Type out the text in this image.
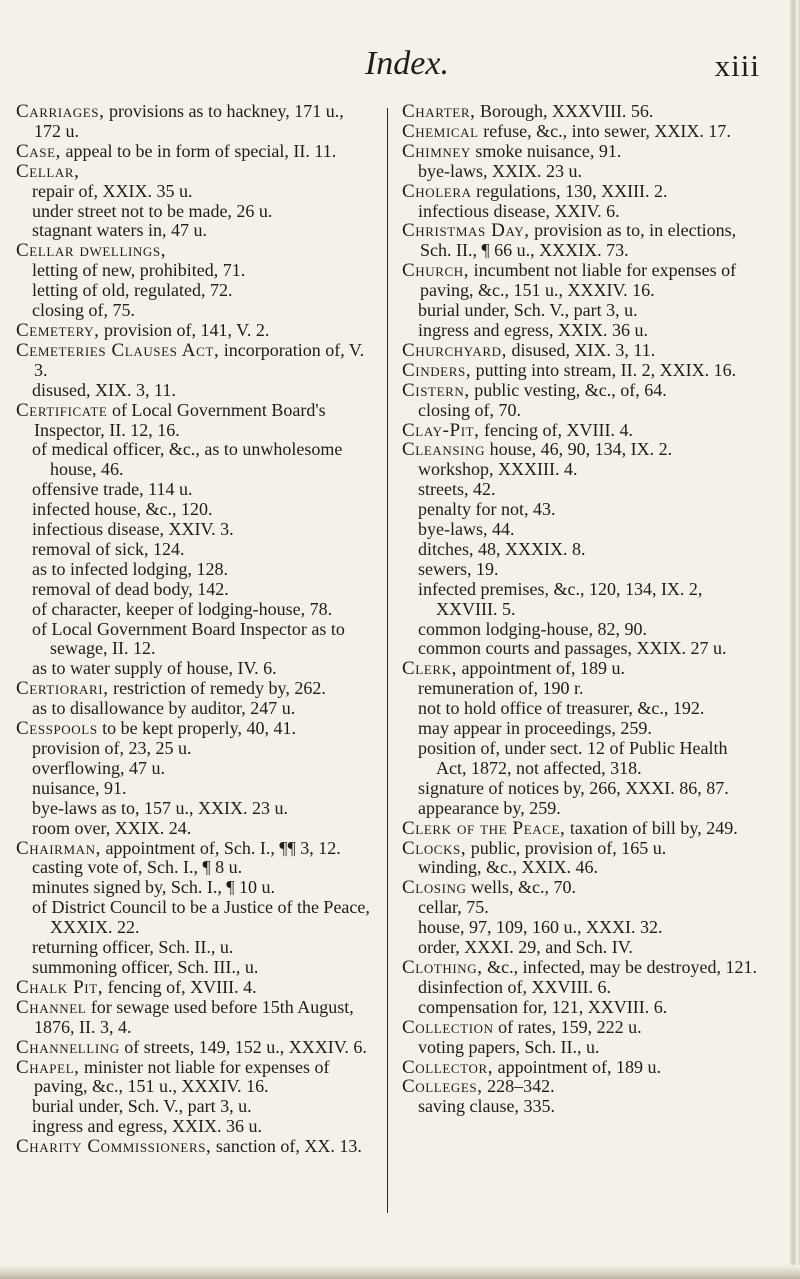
Index.	xiii

Carriages, provisions as to hackney, 171 u., 172 u.

Case, appeal to be in form of special, II. 11.

Cellar,

repair of, XXIX. 35 u.

under street not to be made, 26 u.

stagnant waters in, 47 u.

Cellar dwellings,

letting of new, prohibited, 71.

letting of old, regulated, 72.

closing of, 75.

Cemetery, provision of, 141, V. 2.

Cemeteries Clauses Act, incorporation of, V. 3.

disused, XIX. 3, 11.

Certificate of Local Government Board's Inspector, II. 12, 16.

of medical officer, &c., as to unwholesome house, 46.

offensive trade, 114 u.

infected house, &c., 120.

infectious disease, XXIV. 3.

removal of sick, 124.

as to infected lodging, 128.

removal of dead body, 142.

of character, keeper of lodging-house, 78.

of Local Government Board Inspector as to sewage, II. 12.

as to water supply of house, IV. 6.

Certiorari, restriction of remedy by, 262.

as to disallowance by auditor, 247 u.

Cesspools to be kept properly, 40, 41.

provision of, 23, 25 u.

overflowing, 47 u.

nuisance, 91.

bye-laws as to, 157 u., XXIX. 23 u.

room over, XXIX. 24.

Chairman, appointment of, Sch. I., ¶¶ 3, 12.

casting vote of, Sch. I., ¶ 8 u.

minutes signed by, Sch. I., ¶ 10 u.

of District Council to be a Justice of the Peace, XXXIX. 22.

returning officer, Sch. II., u.

summoning officer, Sch. III., u.

Chalk Pit, fencing of, XVIII. 4.

Channel for sewage used before 15th August, 1876, II. 3, 4.

Channelling of streets, 149, 152 u., XXXIV. 6.

Chapel, minister not liable for expenses of paving, &c., 151 u., XXXIV. 16.

burial under, Sch. V., part 3, u.

ingress and egress, XXIX. 36 u.

Charity Commissioners, sanction of, XX. 13.

Charter, Borough, XXXVIII. 56.

Chemical refuse, &c., into sewer, XXIX. 17.

Chimney smoke nuisance, 91.

bye-laws, XXIX. 23 u.

Cholera regulations, 130, XXIII. 2.

infectious disease, XXIV. 6.

Christmas Day, provision as to, in elections, Sch. II., ¶ 66 u., XXXIX. 73.

Church, incumbent not liable for expenses of paving, &c., 151 u., XXXIV. 16.

burial under, Sch. V., part 3, u.

ingress and egress, XXIX. 36 u.

Churchyard, disused, XIX. 3, 11.

Cinders, putting into stream, II. 2, XXIX. 16.

Cistern, public vesting, &c., of, 64.

closing of, 70.

Clay-Pit, fencing of, XVIII. 4.

Cleansing house, 46, 90, 134, IX. 2.

workshop, XXXIII. 4.

streets, 42.

penalty for not, 43.

bye-laws, 44.

ditches, 48, XXXIX. 8.

sewers, 19.

infected premises, &c., 120, 134, IX. 2, XXVIII. 5.

common lodging-house, 82, 90.

common courts and passages, XXIX. 27 u.

Clerk, appointment of, 189 u.

remuneration of, 190 r.

not to hold office of treasurer, &c., 192.

may appear in proceedings, 259.

position of, under sect. 12 of Public Health Act, 1872, not affected, 318.

signature of notices by, 266, XXXI. 86, 87.

appearance by, 259.

Clerk of the Peace, taxation of bill by, 249.

Clocks, public, provision of, 165 u.

winding, &c., XXIX. 46.

Closing wells, &c., 70.

cellar, 75.

house, 97, 109, 160 u., XXXI. 32.

order, XXXI. 29, and Sch. IV.

Clothing, &c., infected, may be destroyed, 121.

disinfection of, XXVIII. 6.

compensation for, 121, XXVIII. 6.

Collection of rates, 159, 222 u.

voting papers, Sch. II., u.

Collector, appointment of, 189 u.

Colleges, 228–342.

saving clause, 335.
